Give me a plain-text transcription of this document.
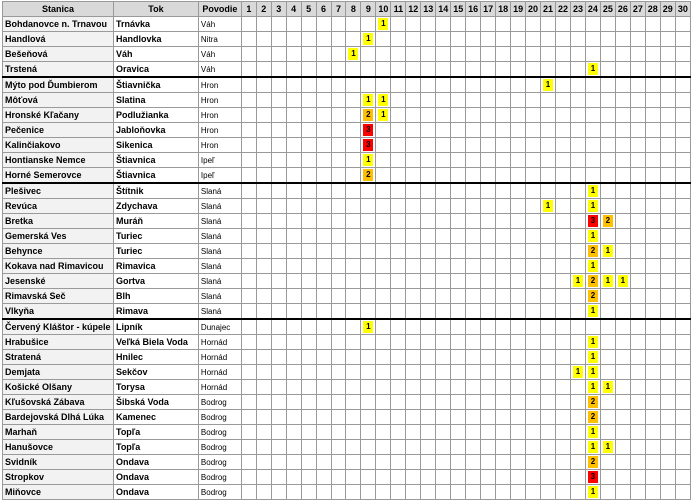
Stanica	Tok	Povodie	1	2	3	4	5	6	7	8	9	10	11	12	13	14	15	16	17	18	19	20	21	22	23	24	25	26	27	28	29	30
Bohdanovce n. Trnavou	Trnávka	Váh										1																				
Handlová	Handlovka	Nitra									1																					
Bešeňová	Váh	Váh								1																						
Trstená	Oravica	Váh																								1						
Mýto pod Ďumbierom	Štiavnička	Hron																					1									
Môťová	Slatina	Hron									1	1																				
Hronské Kľačany	Podlužianka	Hron									2	1																				
Pečenice	Jabloňovka	Hron									3																					
Kalinčiakovo	Sikenica	Hron									3																					
Hontianske Nemce	Štiavnica	Ipeľ									1																					
Horné Semerovce	Štiavnica	Ipeľ									2																					
Plešivec	Štítnik	Slaná																								1						
Revúca	Zdychava	Slaná																					1			1						
Bretka	Muráň	Slaná																								3	2					
Gemerská Ves	Turiec	Slaná																								1						
Behynce	Turiec	Slaná																								2	1					
Kokava nad Rimavicou	Rimavica	Slaná																								1						
Jesenské	Gortva	Slaná																							1	2	1	1				
Rimavská Seč	Blh	Slaná																								2						
Vlkyňa	Rimava	Slaná																								1						
Červený Kláštor - kúpele	Lipník	Dunajec									1																					
Hrabušice	Veľká Biela Voda	Hornád																								1						
Stratená	Hnilec	Hornád																								1						
Demjata	Sekčov	Hornád																							1	1						
Košické Olšany	Torysa	Hornád																								1	1					
Kľušovská Zábava	Šibská Voda	Bodrog																								2						
Bardejovská Dlhá Lúka	Kamenec	Bodrog																								2						
Marhaň	Topľa	Bodrog																								1						
Hanušovce	Topľa	Bodrog																								1	1					
Svidník	Ondava	Bodrog																								2						
Stropkov	Ondava	Bodrog																								3						
Miňovce	Ondava	Bodrog																								1						
